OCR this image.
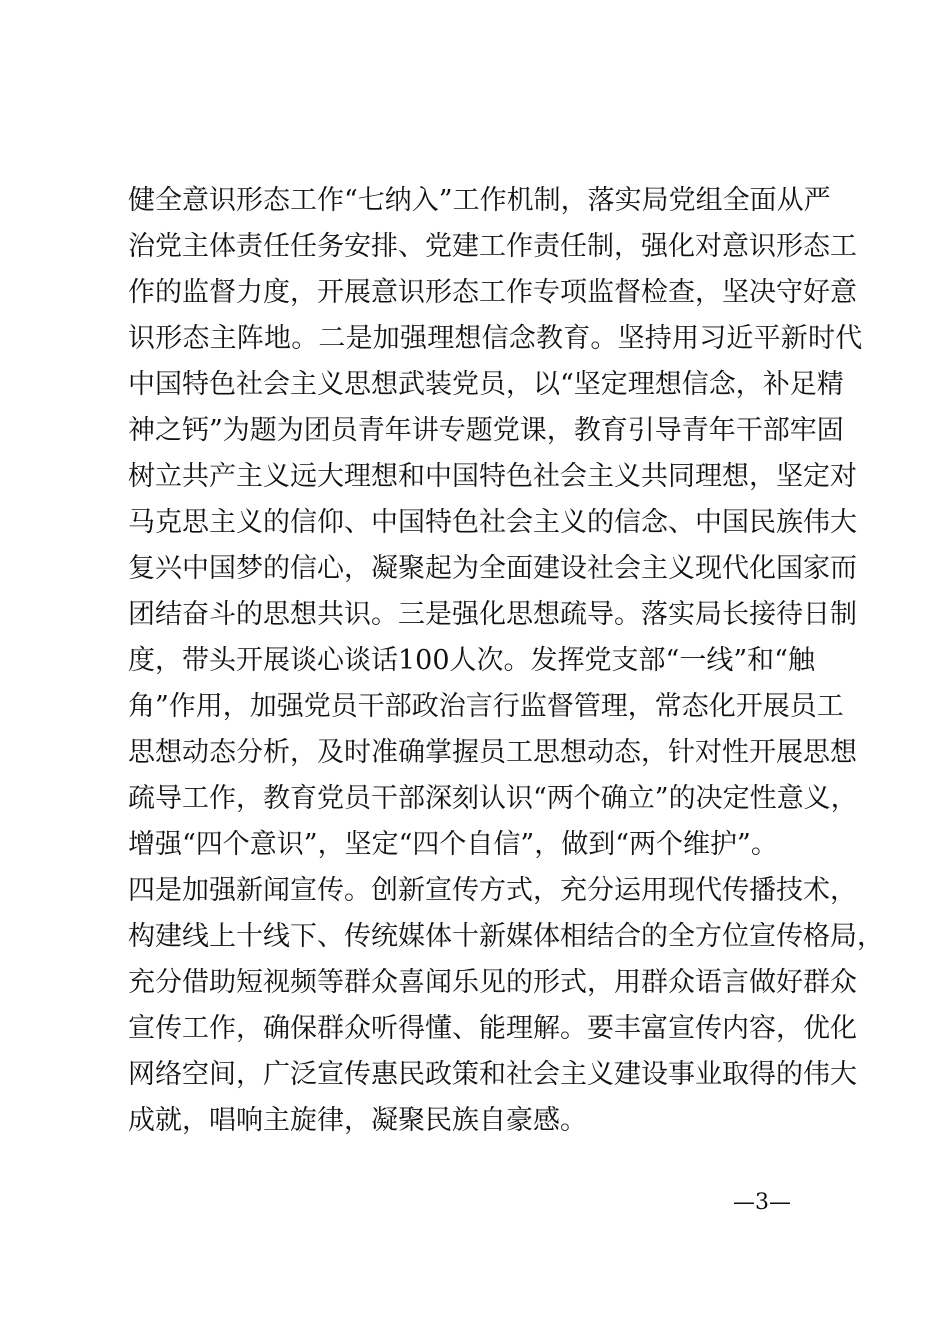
健全意识形态工作“七纳入”工作机制，落实局党组全面从严
治党主体责任任务安排、党建工作责任制，强化对意识形态工
作的监督力度，开展意识形态工作专项监督检查，坚决守好意
识形态主阵地。二是加强理想信念教育。坚持用习近平新时代
中国特色社会主义思想武装党员，以“坚定理想信念，补足精
神之钙”为题为团员青年讲专题党课，教育引导青年干部牢固
树立共产主义远大理想和中国特色社会主义共同理想，坚定对
马克思主义的信仰、中国特色社会主义的信念、中国民族伟大
复兴中国梦的信心，凝聚起为全面建设社会主义现代化国家而
团结奋斗的思想共识。三是强化思想疏导。落实局长接待日制
度，带头开展谈心谈话100人次。发挥党支部“一线”和“触
角”作用，加强党员干部政治言行监督管理，常态化开展员工
思想动态分析，及时准确掌握员工思想动态，针对性开展思想
疏导工作，教育党员干部深刻认识“两个确立”的决定性意义，
增强“四个意识”，坚定“四个自信”，做到“两个维护”。
四是加强新闻宣传。创新宣传方式，充分运用现代传播技术，
构建线上十线下、传统媒体十新媒体相结合的全方位宣传格局，
充分借助短视频等群众喜闻乐见的形式，用群众语言做好群众
宣传工作，确保群众听得懂、能理解。要丰富宣传内容，优化
网络空间，广泛宣传惠民政策和社会主义建设事业取得的伟大
成就，唱响主旋律，凝聚民族自豪感。
—3—
